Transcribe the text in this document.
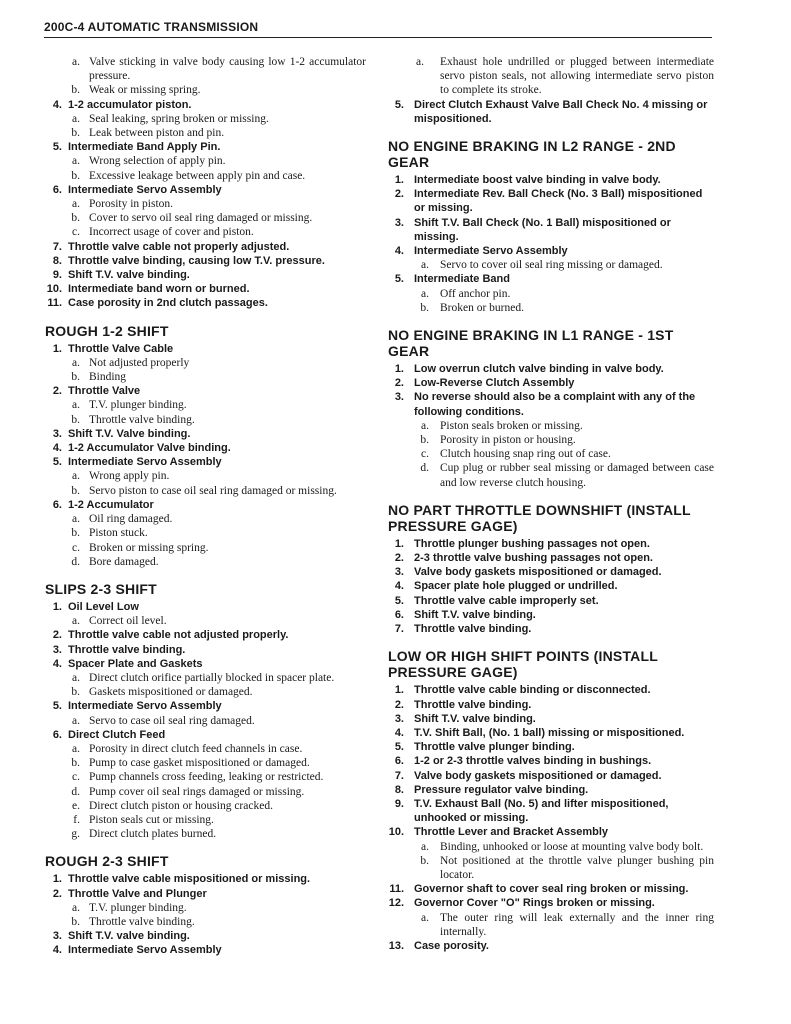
200C-4 AUTOMATIC TRANSMISSION
a. Valve sticking in valve body causing low 1-2 accumulator pressure.
b. Weak or missing spring.
4. 1-2 accumulator piston.
a. Seal leaking, spring broken or missing.
b. Leak between piston and pin.
5. Intermediate Band Apply Pin.
a. Wrong selection of apply pin.
b. Excessive leakage between apply pin and case.
6. Intermediate Servo Assembly
a. Porosity in piston.
b. Cover to servo oil seal ring damaged or missing.
c. Incorrect usage of cover and piston.
7. Throttle valve cable not properly adjusted.
8. Throttle valve binding, causing low T.V. pressure.
9. Shift T.V. valve binding.
10. Intermediate band worn or burned.
11. Case porosity in 2nd clutch passages.
ROUGH 1-2 SHIFT
1. Throttle Valve Cable
a. Not adjusted properly
b. Binding
2. Throttle Valve
a. T.V. plunger binding.
b. Throttle valve binding.
3. Shift T.V. Valve binding.
4. 1-2 Accumulator Valve binding.
5. Intermediate Servo Assembly
a. Wrong apply pin.
b. Servo piston to case oil seal ring damaged or missing.
6. 1-2 Accumulator
a. Oil ring damaged.
b. Piston stuck.
c. Broken or missing spring.
d. Bore damaged.
SLIPS 2-3 SHIFT
1. Oil Level Low
a. Correct oil level.
2. Throttle valve cable not adjusted properly.
3. Throttle valve binding.
4. Spacer Plate and Gaskets
a. Direct clutch orifice partially blocked in spacer plate.
b. Gaskets mispositioned or damaged.
5. Intermediate Servo Assembly
a. Servo to case oil seal ring damaged.
6. Direct Clutch Feed
a. Porosity in direct clutch feed channels in case.
b. Pump to case gasket mispositioned or damaged.
c. Pump channels cross feeding, leaking or restricted.
d. Pump cover oil seal rings damaged or missing.
e. Direct clutch piston or housing cracked.
f. Piston seals cut or missing.
g. Direct clutch plates burned.
ROUGH 2-3 SHIFT
1. Throttle valve cable mispositioned or missing.
2. Throttle Valve and Plunger
a. T.V. plunger binding.
b. Throttle valve binding.
3. Shift T.V. valve binding.
4. Intermediate Servo Assembly
a.	Exhaust hole undrilled or plugged between intermediate servo piston seals, not allowing intermediate servo piston to complete its stroke.
5. Direct Clutch Exhaust Valve Ball Check No. 4 missing or mispositioned.
NO ENGINE BRAKING IN L2 RANGE - 2ND GEAR
1. Intermediate boost valve binding in valve body.
2. Intermediate Rev. Ball Check (No. 3 Ball) mispositioned or missing.
3. Shift T.V. Ball Check (No. 1 Ball) mispositioned or missing.
4. Intermediate Servo Assembly
a. Servo to cover oil seal ring missing or damaged.
5. Intermediate Band
a. Off anchor pin.
b. Broken or burned.
NO ENGINE BRAKING IN L1 RANGE - 1ST GEAR
1. Low overrun clutch valve binding in valve body.
2. Low-Reverse Clutch Assembly
3. No reverse should also be a complaint with any of the following conditions.
a. Piston seals broken or missing.
b. Porosity in piston or housing.
c. Clutch housing snap ring out of case.
d. Cup plug or rubber seal missing or damaged between case and low reverse clutch housing.
NO PART THROTTLE DOWNSHIFT (INSTALL PRESSURE GAGE)
1. Throttle plunger bushing passages not open.
2. 2-3 throttle valve bushing passages not open.
3. Valve body gaskets mispositioned or damaged.
4. Spacer plate hole plugged or undrilled.
5. Throttle valve cable improperly set.
6. Shift T.V. valve binding.
7. Throttle valve binding.
LOW OR HIGH SHIFT POINTS (INSTALL PRESSURE GAGE)
1. Throttle valve cable binding or disconnected.
2. Throttle valve binding.
3. Shift T.V. valve binding.
4. T.V. Shift Ball, (No. 1 ball) missing or mispositioned.
5. Throttle valve plunger binding.
6. 1-2 or 2-3 throttle valves binding in bushings.
7. Valve body gaskets mispositioned or damaged.
8. Pressure regulator valve binding.
9. T.V. Exhaust Ball (No. 5) and lifter mispositioned, unhooked or missing.
10. Throttle Lever and Bracket Assembly
a. Binding, unhooked or loose at mounting valve body bolt.
b. Not positioned at the throttle valve plunger bushing pin locator.
11. Governor shaft to cover seal ring broken or missing.
12. Governor Cover "O" Rings broken or missing.
a. The outer ring will leak externally and the inner ring internally.
13. Case porosity.
